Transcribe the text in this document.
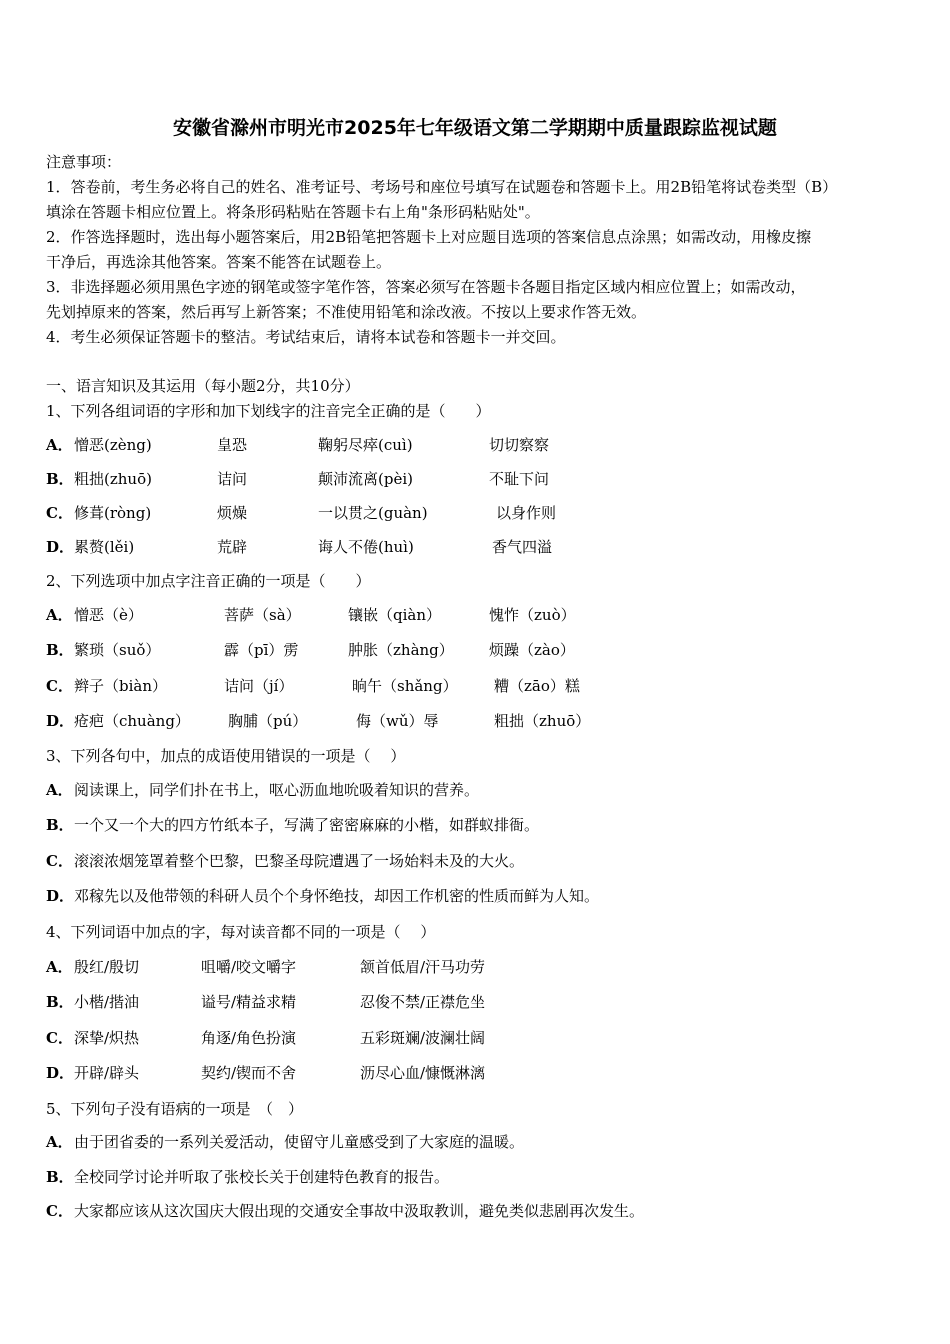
安徽省滁州市明光市2025年七年级语文第二学期期中质量跟踪监视试题
注意事项：
1．答卷前，考生务必将自己的姓名、准考证号、考场号和座位号填写在试题卷和答题卡上。用2B铅笔将试卷类型（B）
填涂在答题卡相应位置上。将条形码粘贴在答题卡右上角"条形码粘贴处"。
2．作答选择题时，选出每小题答案后，用2B铅笔把答题卡上对应题目选项的答案信息点涂黑；如需改动，用橡皮擦
干净后，再选涂其他答案。答案不能答在试题卷上。
3．非选择题必须用黑色字迹的钢笔或签字笔作答，答案必须写在答题卡各题目指定区域内相应位置上；如需改动，
先划掉原来的答案，然后再写上新答案；不准使用铅笔和涂改液。不按以上要求作答无效。
4．考生必须保证答题卡的整洁。考试结束后，请将本试卷和答题卡一并交回。
一、语言知识及其运用（每小题2分，共10分）
1、下列各组词语的字形和加下划线字的注音完全正确的是（　　）
A． 憎恶(zèng)	皇恐	鞠躬尽瘁(cuì)	切切察察
B． 粗拙(zhuō)	诘问	颠沛流离(pèi)	不耻下问
C． 修葺(ròng)	烦燥	一以贯之(guàn)	以身作则
D． 累赘(lěi)	荒辟	诲人不倦(huì)	香气四溢
2、下列选项中加点字注音正确的一项是（　　）
A． 憎恶（è）	菩萨（sà）	镶嵌（qiàn）	愧怍（zuò）
B． 繁琐（suǒ）	霹（pī）雳	肿胀（zhàng） 烦躁（zào）
C． 辫子（biàn）	诘问（jí）	晌午（shǎng） 糟（zāo）糕
D． 疮疤（chuàng）	胸脯（pú）	侮（wǔ）辱	粗拙（zhuō）
3、下列各句中，加点的成语使用错误的一项是（　 ）
A． 阅读课上，同学们扑在书上，呕心沥血地吮吸着知识的营养。
B． 一个又一个大的四方竹纸本子，写满了密密麻麻的小楷，如群蚁排衙。
C． 滚滚浓烟笼罩着整个巴黎，巴黎圣母院遭遇了一场始料未及的大火。
D． 邓稼先以及他带领的科研人员个个身怀绝技，却因工作机密的性质而鲜为人知。
4、下列词语中加点的字，每对读音都不同的一项是（　 ）
A． 殷红/殷切	咀嚼/咬文嚼字	颔首低眉/汗马功劳
B． 小楷/揩油	谥号/精益求精	忍俊不禁/正襟危坐
C． 深挚/炽热	角逐/角色扮演	五彩斑斓/波澜壮阔
D． 开辟/辟头	契约/锲而不舍	沥尽心血/慷慨淋漓
5、下列句子没有语病的一项是　（　）
A． 由于团省委的一系列关爱活动，使留守儿童感受到了大家庭的温暖。
B． 全校同学讨论并听取了张校长关于创建特色教育的报告。
C． 大家都应该从这次国庆大假出现的交通安全事故中汲取教训，避免类似悲剧再次发生。
